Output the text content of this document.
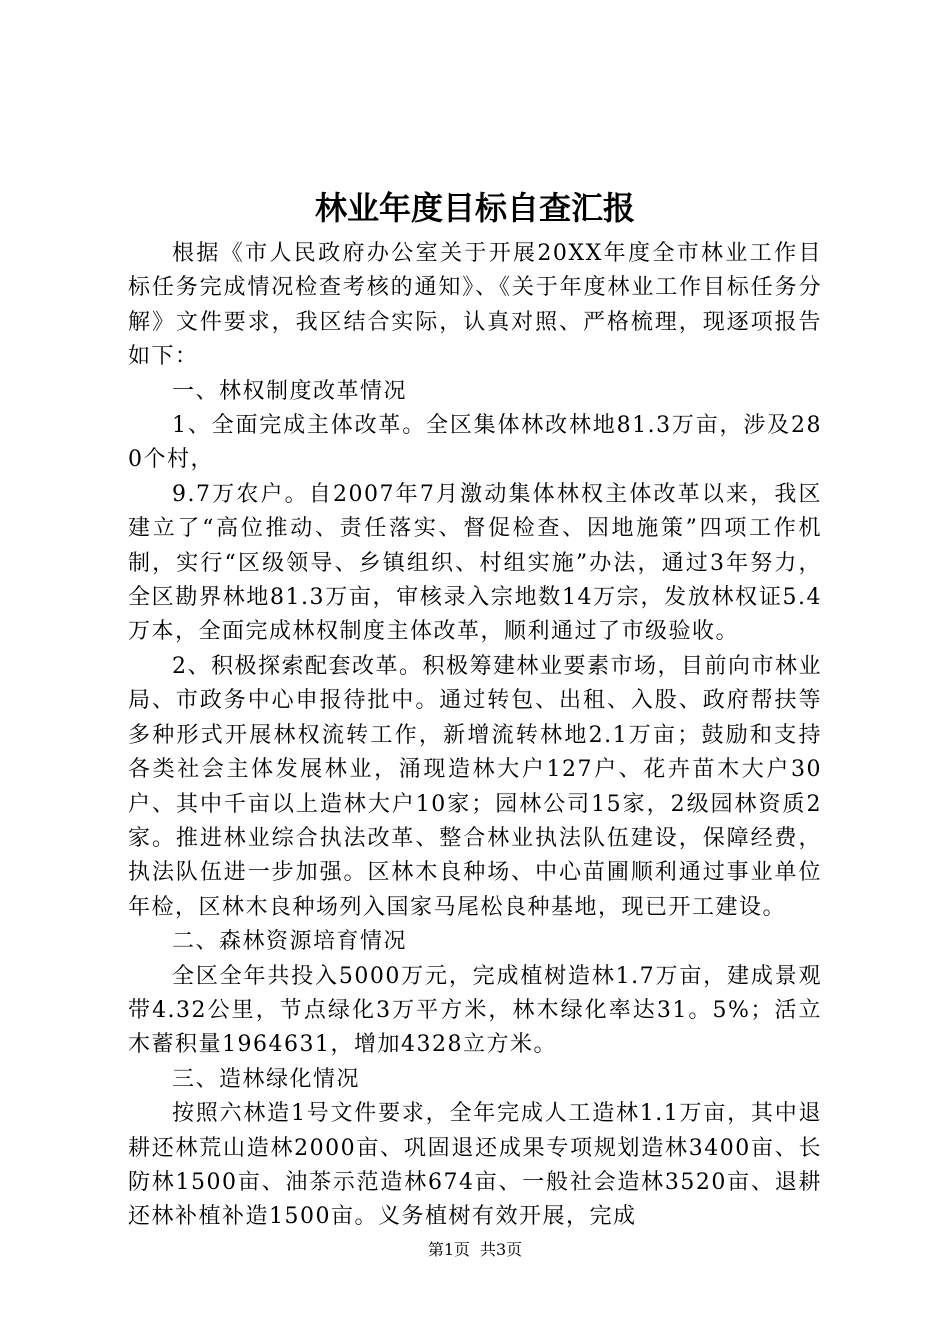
林业年度目标自查汇报

根据《市人民政府办公室关于开展20XX年度全市林业工作目标任务完成情况检查考核的通知》、《关于年度林业工作目标任务分解》文件要求，我区结合实际，认真对照、严格梳理，现逐项报告如下：

一、林权制度改革情况

1、全面完成主体改革。全区集体林改林地81.3万亩，涉及280个村，

9.7万农户。自2007年7月激动集体林权主体改革以来，我区建立了“高位推动、责任落实、督促检查、因地施策”四项工作机制，实行“区级领导、乡镇组织、村组实施”办法，通过3年努力，全区勘界林地81.3万亩，审核录入宗地数14万宗，发放林权证5.4万本，全面完成林权制度主体改革，顺利通过了市级验收。

2、积极探索配套改革。积极筹建林业要素市场，目前向市林业局、市政务中心申报待批中。通过转包、出租、入股、政府帮扶等多种形式开展林权流转工作，新增流转林地2.1万亩；鼓励和支持各类社会主体发展林业，涌现造林大户127户、花卉苗木大户30户、其中千亩以上造林大户10家；园林公司15家，2级园林资质2家。推进林业综合执法改革、整合林业执法队伍建设，保障经费，执法队伍进一步加强。区林木良种场、中心苗圃顺利通过事业单位年检，区林木良种场列入国家马尾松良种基地，现已开工建设。

二、森林资源培育情况

全区全年共投入5000万元，完成植树造林1.7万亩，建成景观带4.32公里，节点绿化3万平方米，林木绿化率达31。5%；活立木蓄积量1964631，增加4328立方米。

三、造林绿化情况

按照六林造1号文件要求，全年完成人工造林1.1万亩，其中退耕还林荒山造林2000亩、巩固退还成果专项规划造林3400亩、长防林1500亩、油茶示范造林674亩、一般社会造林3520亩、退耕还林补植补造1500亩。义务植树有效开展，完成

第1页 共3页
